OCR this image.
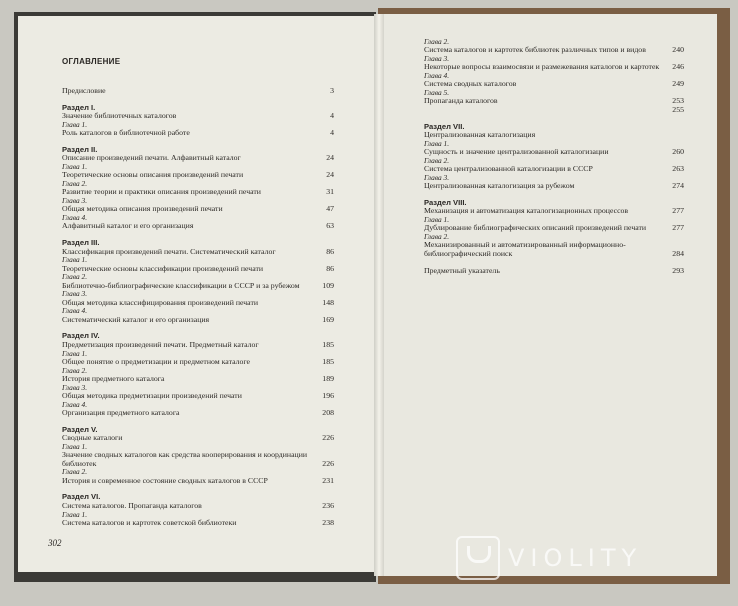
ОГЛАВЛЕНИЕ
Предисловие	3
Раздел I.
Значение библиотечных каталогов	4
Глава 1.
Роль каталогов в библиотечной работе	4
Раздел II.
Описание произведений печати. Алфавитный каталог	24
Глава 1.
Теоретические основы описания произведений печати	24
Глава 2.
Развитие теории и практики описания произведений печати	31
Глава 3.
Общая методика описания произведений печати	47
Глава 4.
Алфавитный каталог и его организация	63
Раздел III.
Классификация произведений печати. Систематический каталог	86
Глава 1.
Теоретические основы классификации произведений печати	86
Глава 2.
Библиотечно-библиографические классификации в СССР и за рубежом	109
Глава 3.
Общая методика классифицирования произведений печати	148
Глава 4.
Систематический каталог и его организация	169
Раздел IV.
Предметизация произведений печати. Предметный каталог	185
Глава 1.
Общее понятие о предметизации и предметном каталоге	185
Глава 2.
История предметного каталога	189
Глава 3.
Общая методика предметизации произведений печати	196
Глава 4.
Организация предметного каталога	208
Раздел V.
Сводные каталоги	226
Глава 1.
Значение сводных каталогов как средства кооперирования и координации библиотек	226
Глава 2.
История и современное состояние сводных каталогов в СССР	231
Раздел VI.
Система каталогов. Пропаганда каталогов	236
Глава 1.
Система каталогов и картотек советской библиотеки	238
Глава 2.
Система каталогов и картотек библиотек различных типов и видов	240
Глава 3.
Некоторые вопросы взаимосвязи и размежевания каталогов и картотек	246
Глава 4.
Система сводных каталогов	249
Глава 5.
Пропаганда каталогов	253
255
Раздел VII.
Централизованная каталогизация
Глава 1.
Сущность и значение централизованной каталогизации	260
Глава 2.
Система централизованной каталогизации в СССР	263
Глава 3.
Централизованная каталогизация за рубежом	274
Раздел VIII.
Механизация и автоматизация каталогизационных процессов	277
Глава 1.
Дублирование библиографических описаний произведений печати	277
Глава 2.
Механизированный и автоматизированный информационно-библиографический поиск	284
Предметный указатель	293
302
VIOLITY
